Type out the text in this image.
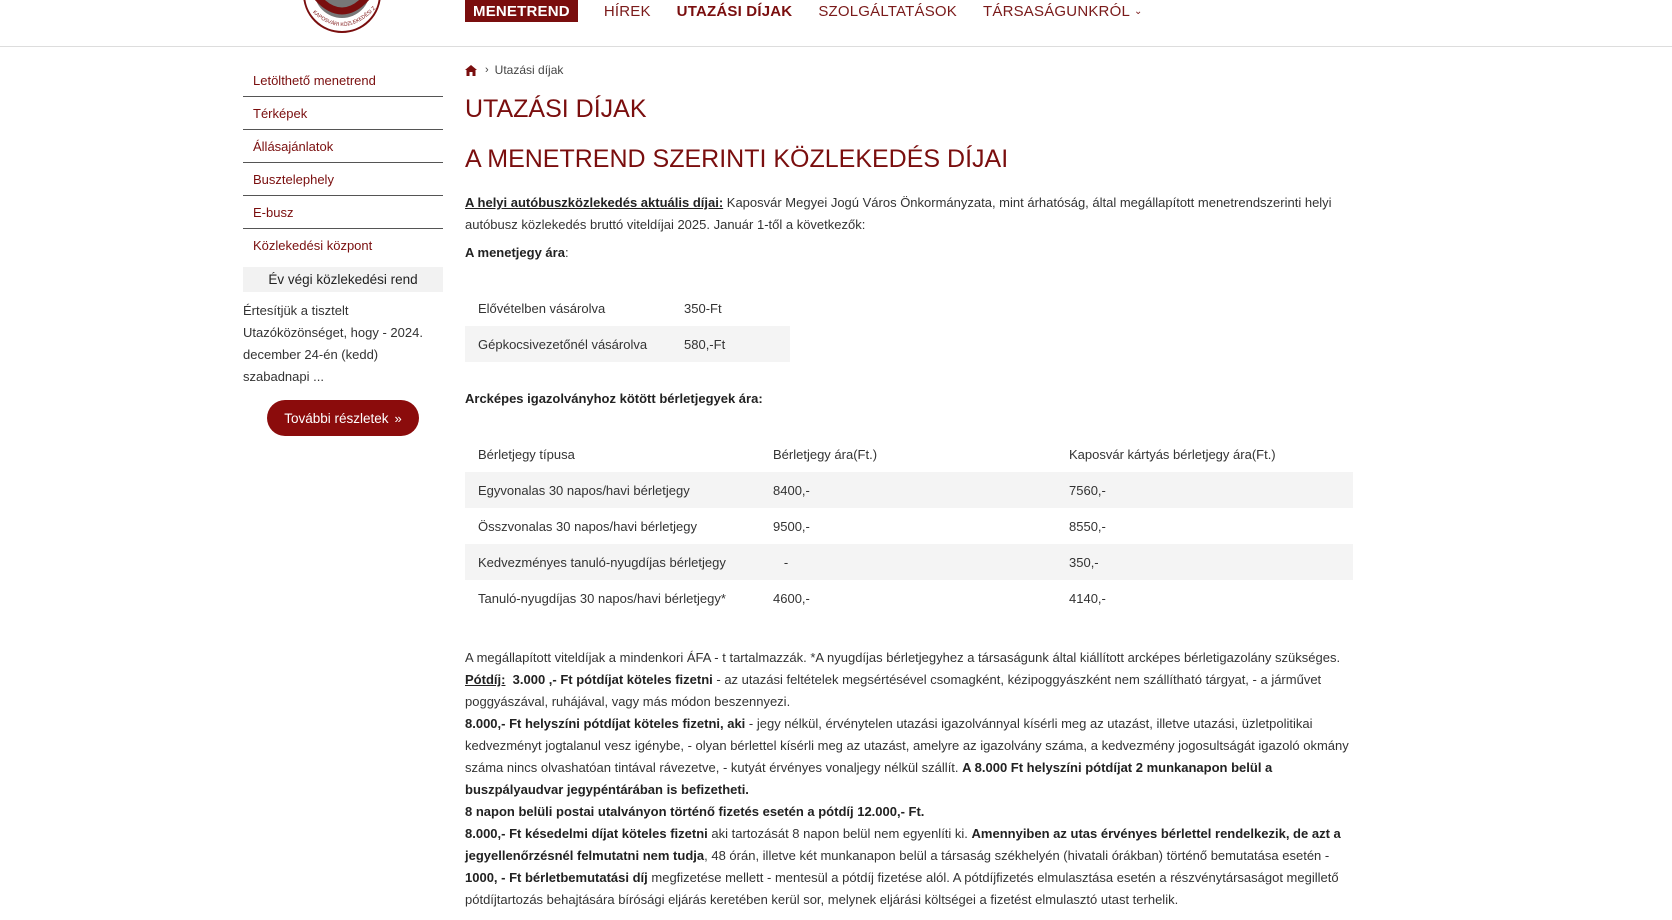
KAPOSVÁRI KÖZLEKEDÉSI Z	MENETREND	HÍREK UTAZÁSI DÍJAK SZOLGÁLTATÁSOK TÁRSASÁGUNKRÓL ⌄
Letölthető menetrend
Térképek
Állásajánlatok
Busztelephely
E-busz
Közlekedési központ
Év végi közlekedési rend
Értesítjük a tisztelt Utazóközönséget, hogy - 2024. december 24-én (kedd) szabadnapi ...
További részletek »
› Utazási díjak
UTAZÁSI DÍJAK
A MENETREND SZERINTI KÖZLEKEDÉS DÍJAI
A helyi autóbuszközlekedés aktuális díjai: Kaposvár Megyei Jogú Város Önkormányzata, mint árhatóság, által megállapított menetrendszerinti helyi autóbusz közlekedés bruttó viteldíjai 2025. Január 1-től a következők:
A menetjegy ára:
Elővételben vásárolva	350-Ft
Gépkocsivezetőnél vásárolva	580,-Ft
Arcképes igazolványhoz kötött bérletjegyek ára:
Bérletjegy típusa	Bérletjegy ára(Ft.)	Kaposvár kártyás bérletjegy ára(Ft.)
Egyvonalas 30 napos/havi bérletjegy	8400,-	7560,-
Összvonalas 30 napos/havi bérletjegy	9500,-	8550,-
Kedvezményes tanuló-nyugdíjas bérletjegy	-	350,-
Tanuló-nyugdíjas 30 napos/havi bérletjegy*	4600,-	4140,-
A megállapított viteldíjak a mindenkori ÁFA - t tartalmazzák. *A nyugdíjas bérletjegyhez a társaságunk által kiállított arcképes bérletigazolány szükséges.
Pótdíj:  3.000 ,- Ft pótdíjat köteles fizetni - az utazási feltételek megsértésével csomagként, kézipoggyászként nem szállítható tárgyat, - a járművet poggyászával, ruhájával, vagy más módon beszennyezi.
8.000,- Ft helyszíni pótdíjat köteles fizetni, aki - jegy nélkül, érvénytelen utazási igazolvánnyal kísérli meg az utazást, illetve utazási, üzletpolitikai kedvezményt jogtalanul vesz igénybe, - olyan bérlettel kísérli meg az utazást, amelyre az igazolvány száma, a kedvezmény jogosultságát igazoló okmány száma nincs olvashatóan tintával rávezetve, - kutyát érvényes vonaljegy nélkül szállít. A 8.000 Ft helyszíni pótdíjat 2 munkanapon belül a buszpályaudvar jegypéntárában is befizetheti.
8 napon belüli postai utalványon történő fizetés esetén a pótdíj 12.000,- Ft.
8.000,- Ft késedelmi díjat köteles fizetni aki tartozását 8 napon belül nem egyenlíti ki. Amennyiben az utas érvényes bérlettel rendelkezik, de azt a jegyellenőrzésnél felmutatni nem tudja, 48 órán, illetve két munkanapon belül a társaság székhelyén (hivatali órákban) történő bemutatása esetén -  1000, - Ft bérletbemutatási díj megfizetése mellett - mentesül a pótdíj fizetése alól. A pótdíjfizetés elmulasztása esetén a részvénytársaságot megillető pótdíjtartozás behajtására bírósági eljárás keretében kerül sor, melynek eljárási költségei a fizetést elmulasztó utast terhelik.
